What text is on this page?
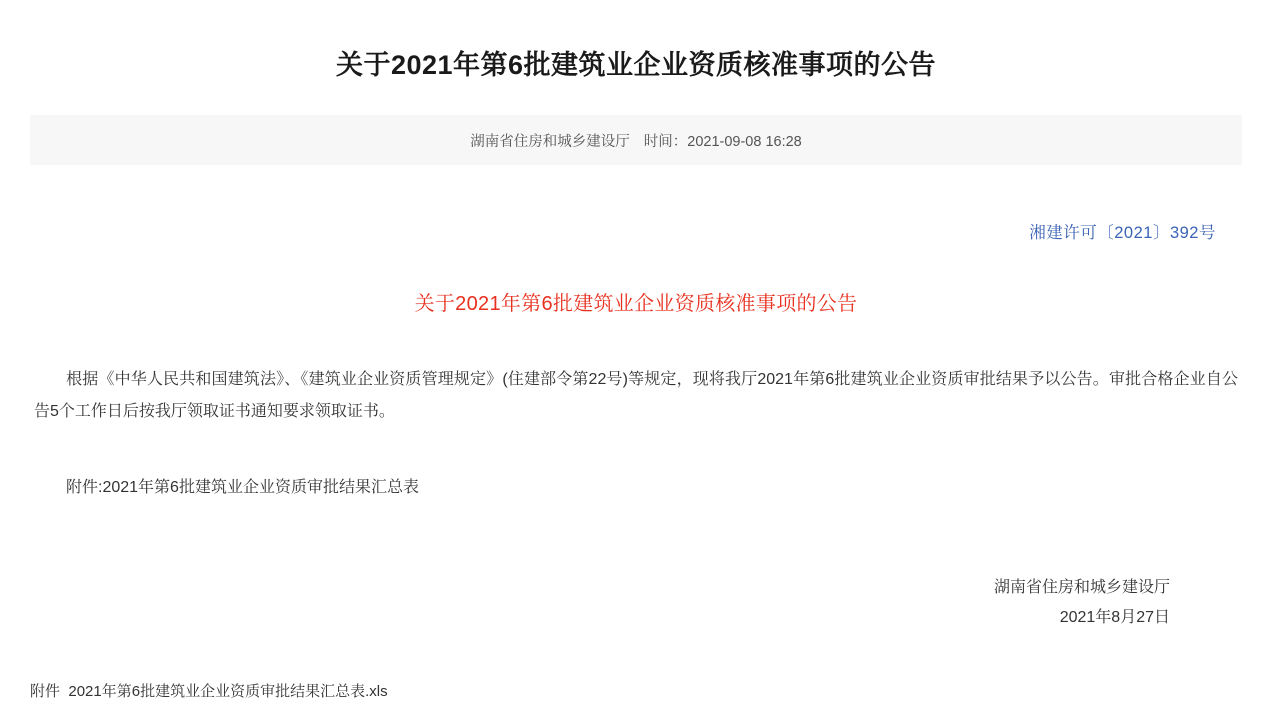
关于2021年第6批建筑业企业资质核准事项的公告
湖南省住房和城乡建设厅 时间：2021-09-08 16:28
湘建许可〔2021〕392号
关于2021年第6批建筑业企业资质核准事项的公告
根据《中华人民共和国建筑法》、《建筑业企业资质管理规定》(住建部令第22号)等规定，现将我厅2021年第6批建筑业企业资质审批结果予以公告。审批合格企业自公告5个工作日后按我厅领取证书通知要求领取证书。
附件:2021年第6批建筑业企业资质审批结果汇总表
湖南省住房和城乡建设厅
2021年8月27日
附件 2021年第6批建筑业企业资质审批结果汇总表.xls
